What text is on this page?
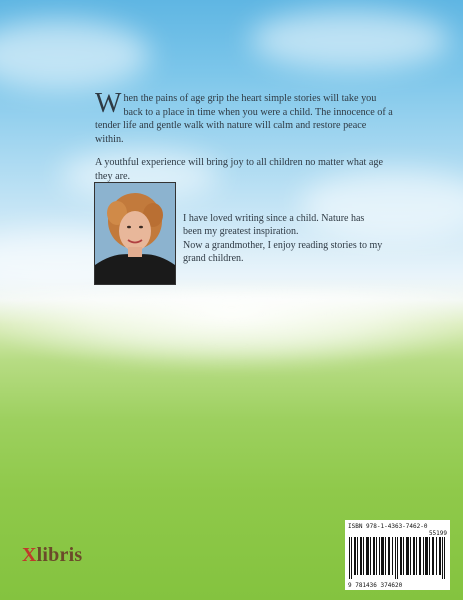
When the pains of age grip the heart simple stories will take you back to a place in time when you were a child. The innocence of a tender life and gentle walk with nature will calm and restore peace within.

A youthful experience will bring joy to all children no matter what age they are.

I have loved writing since a child. Nature has been my greatest inspiration.

Now a grandmother, I enjoy reading stories to my grand children.

Xlibris
ISBN 978-1-4363-7462-0
55199
9 781436 374620
